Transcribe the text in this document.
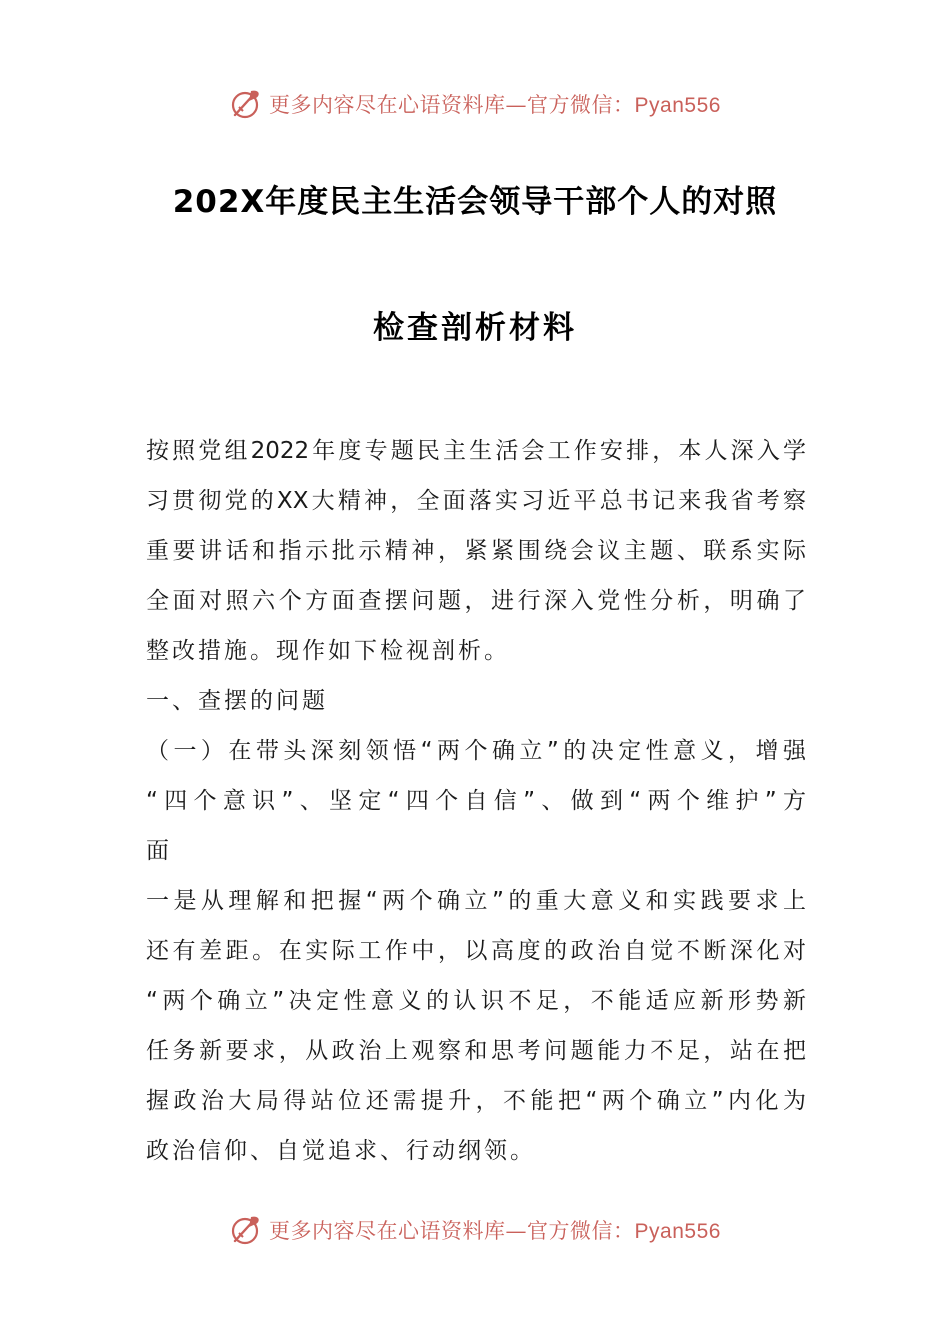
更多内容尽在心语资料库—官方微信：Pyan556
202X年度民主生活会领导干部个人的对照
检查剖析材料
按照党组2022年度专题民主生活会工作安排，本人深入学
习贯彻党的XX大精神，全面落实习近平总书记来我省考察
重要讲话和指示批示精神，紧紧围绕会议主题、联系实际
全面对照六个方面查摆问题，进行深入党性分析，明确了
整改措施。现作如下检视剖析。
一、查摆的问题
（一）在带头深刻领悟“两个确立”的决定性意义，增强
“四个意识”、坚定“四个自信”、做到“两个维护”方
面
一是从理解和把握“两个确立”的重大意义和实践要求上
还有差距。在实际工作中，以高度的政治自觉不断深化对
“两个确立”决定性意义的认识不足，不能适应新形势新
任务新要求，从政治上观察和思考问题能力不足，站在把
握政治大局得站位还需提升，不能把“两个确立”内化为
政治信仰、自觉追求、行动纲领。
更多内容尽在心语资料库—官方微信：Pyan556
